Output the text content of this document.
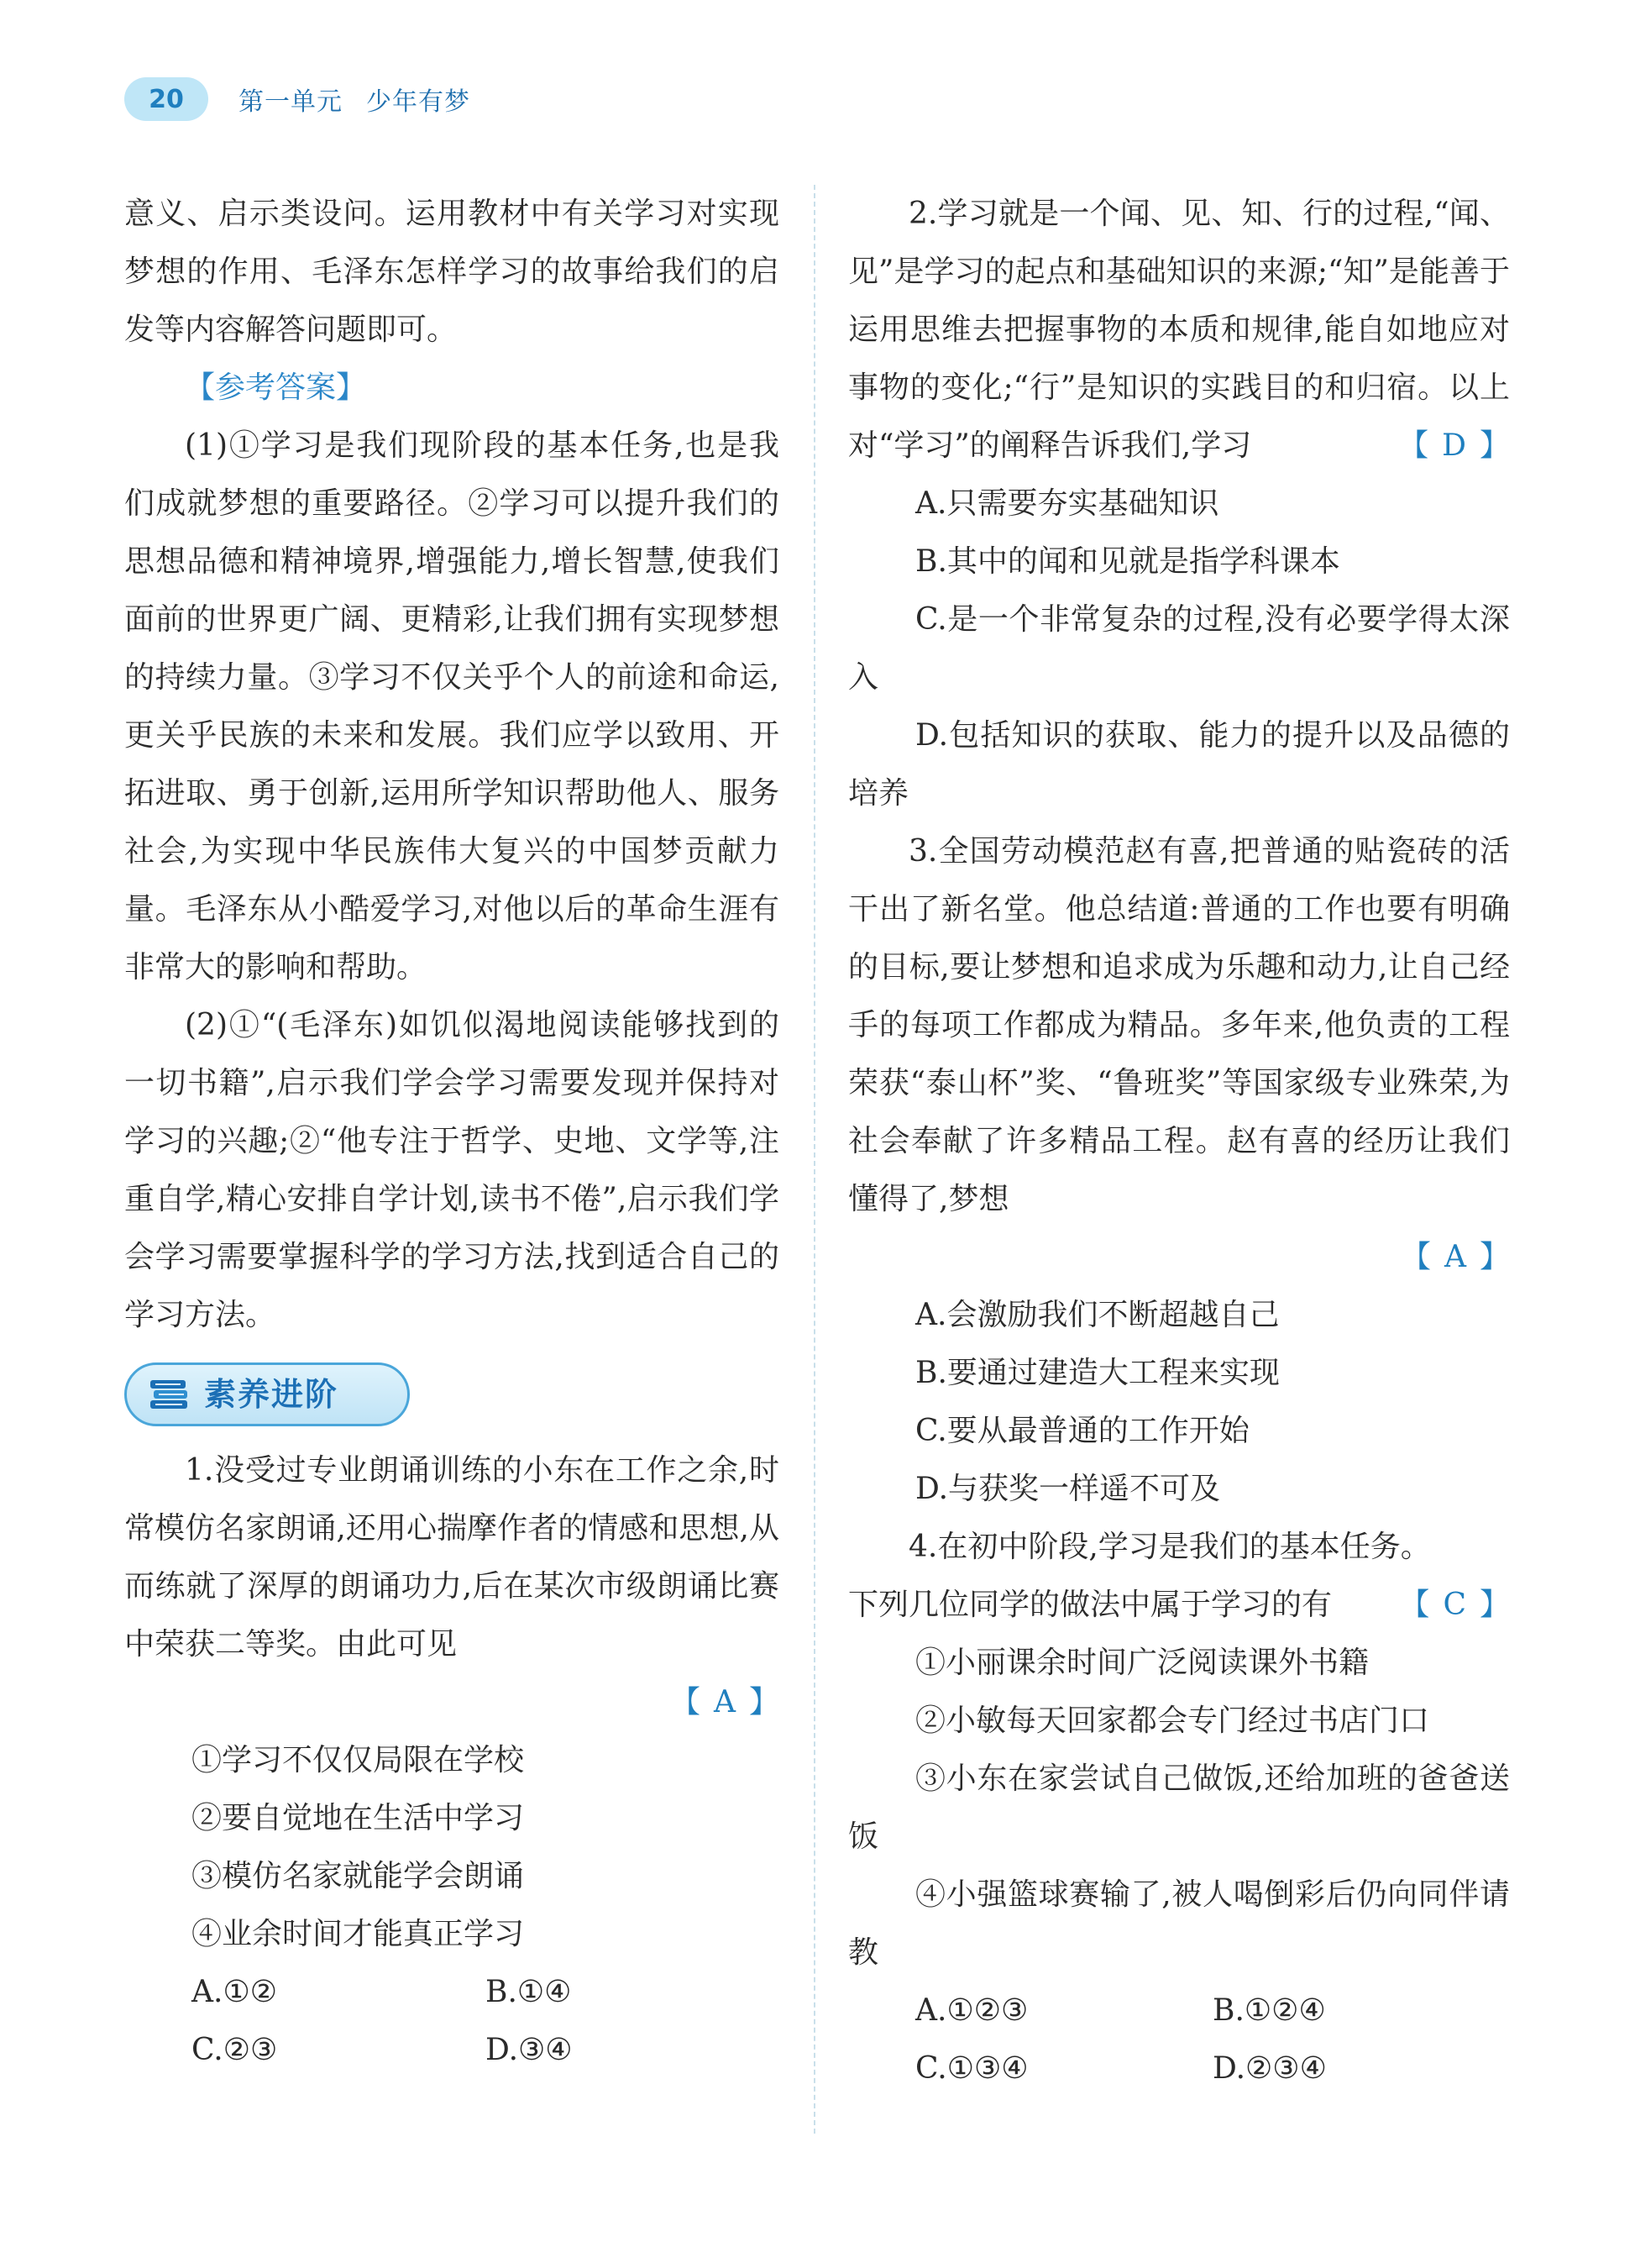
20	第一单元 少年有梦

意义、启示类设问。运用教材中有关学习对实现梦想的作用、毛泽东怎样学习的故事给我们的启发等内容解答问题即可。

【参考答案】

(1)①学习是我们现阶段的基本任务,也是我们成就梦想的重要路径。②学习可以提升我们的思想品德和精神境界,增强能力,增长智慧,使我们面前的世界更广阔、更精彩,让我们拥有实现梦想的持续力量。③学习不仅关乎个人的前途和命运,更关乎民族的未来和发展。我们应学以致用、开拓进取、勇于创新,运用所学知识帮助他人、服务社会,为实现中华民族伟大复兴的中国梦贡献力量。毛泽东从小酷爱学习,对他以后的革命生涯有非常大的影响和帮助。

(2)①“(毛泽东)如饥似渴地阅读能够找到的一切书籍”,启示我们学会学习需要发现并保持对学习的兴趣;②“他专注于哲学、史地、文学等,注重自学,精心安排自学计划,读书不倦”,启示我们学会学习需要掌握科学的学习方法,找到适合自己的学习方法。

素养进阶

1.没受过专业朗诵训练的小东在工作之余,时常模仿名家朗诵,还用心揣摩作者的情感和思想,从而练就了深厚的朗诵功力,后在某次市级朗诵比赛中荣获二等奖。由此可见

【 A 】

①学习不仅仅局限在学校

②要自觉地在生活中学习

③模仿名家就能学会朗诵

④业余时间才能真正学习

A.①②	B.①④
C.②③	D.③④

2.学习就是一个闻、见、知、行的过程,“闻、见”是学习的起点和基础知识的来源;“知”是能善于运用思维去把握事物的本质和规律,能自如地应对事物的变化;“行”是知识的实践目的和归宿。以上对“学习”的阐释告诉我们,学习	【 D 】

A.只需要夯实基础知识

B.其中的闻和见就是指学科课本

C.是一个非常复杂的过程,没有必要学得太深入

D.包括知识的获取、能力的提升以及品德的培养

3.全国劳动模范赵有喜,把普通的贴瓷砖的活干出了新名堂。他总结道:普通的工作也要有明确的目标,要让梦想和追求成为乐趣和动力,让自己经手的每项工作都成为精品。多年来,他负责的工程荣获“泰山杯”奖、“鲁班奖”等国家级专业殊荣,为社会奉献了许多精品工程。赵有喜的经历让我们懂得了,梦想

【 A 】

A.会激励我们不断超越自己

B.要通过建造大工程来实现

C.要从最普通的工作开始

D.与获奖一样遥不可及

4.在初中阶段,学习是我们的基本任务。

下列几位同学的做法中属于学习的有 【 C 】

①小丽课余时间广泛阅读课外书籍

②小敏每天回家都会专门经过书店门口

③小东在家尝试自己做饭,还给加班的爸爸送饭

④小强篮球赛输了,被人喝倒彩后仍向同伴请教

A.①②③	B.①②④
C.①③④	D.②③④
